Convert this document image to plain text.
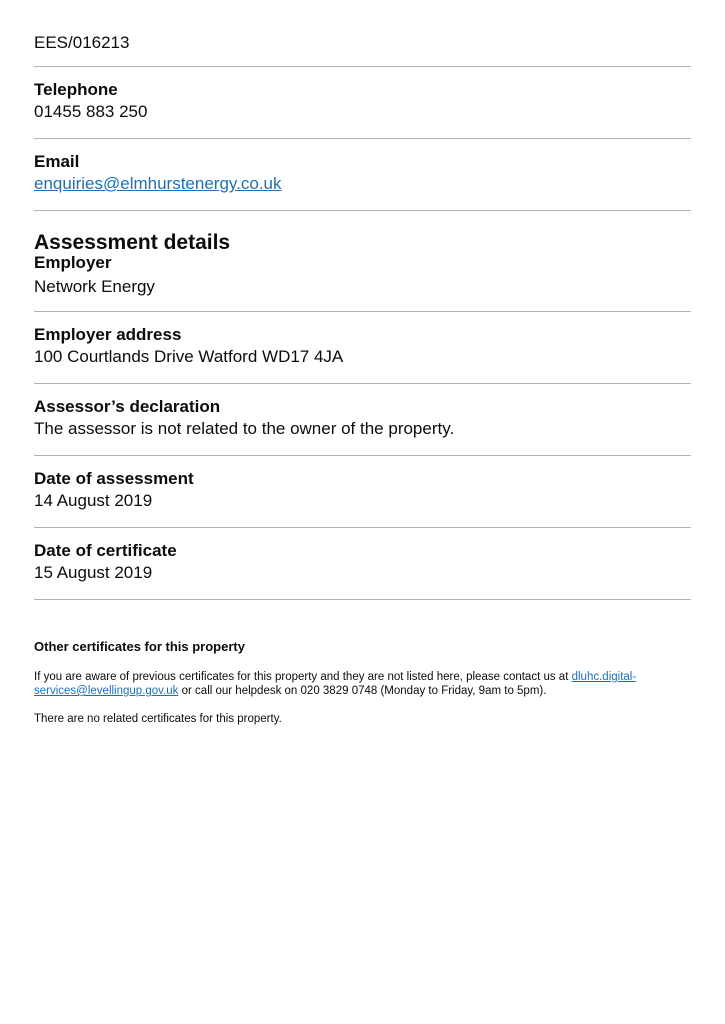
EES/016213

Telephone

01455 883 250

Email

enquiries@elmhurstenergy.co.uk

Assessment details

Employer

Network Energy

Employer address

100 Courtlands Drive Watford WD17 4JA

Assessor’s declaration

The assessor is not related to the owner of the property.

Date of assessment

14 August 2019

Date of certificate

15 August 2019

Other certificates for this property

If you are aware of previous certificates for this property and they are not listed here, please contact us at dluhc.digital-services@levellingup.gov.uk or call our helpdesk on 020 3829 0748 (Monday to Friday, 9am to 5pm).

There are no related certificates for this property.
